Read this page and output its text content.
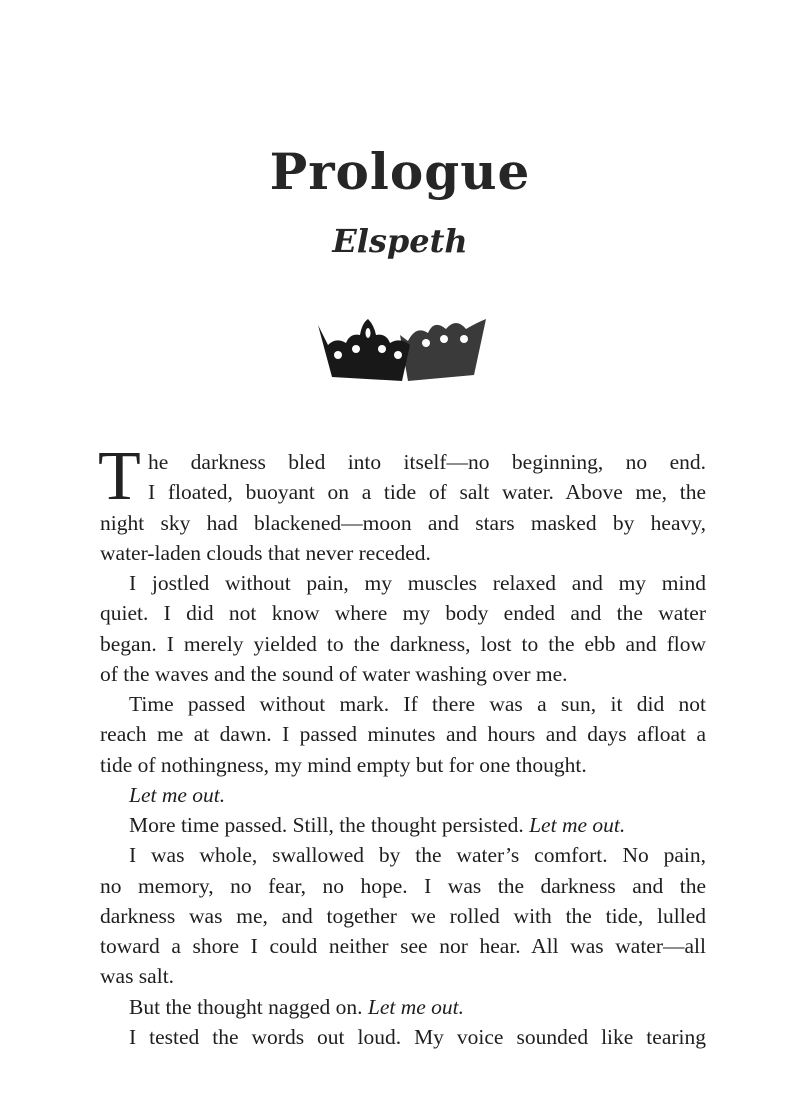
Prologue
Elspeth
T he darkness bled into itself—no beginning, no end.
I floated, buoyant on a tide of salt water. Above me, the
night sky had blackened—moon and stars masked by heavy,
water-laden clouds that never receded.
I jostled without pain, my muscles relaxed and my mind
quiet. I did not know where my body ended and the water
began. I merely yielded to the darkness, lost to the ebb and flow
of the waves and the sound of water washing over me.
Time passed without mark. If there was a sun, it did not
reach me at dawn. I passed minutes and hours and days afloat a
tide of nothingness, my mind empty but for one thought.
Let me out.
More time passed. Still, the thought persisted. Let me out.
I was whole, swallowed by the water’s comfort. No pain,
no memory, no fear, no hope. I was the darkness and the
darkness was me, and together we rolled with the tide, lulled
toward a shore I could neither see nor hear. All was water—all
was salt.
But the thought nagged on. Let me out.
I tested the words out loud. My voice sounded like tearing
